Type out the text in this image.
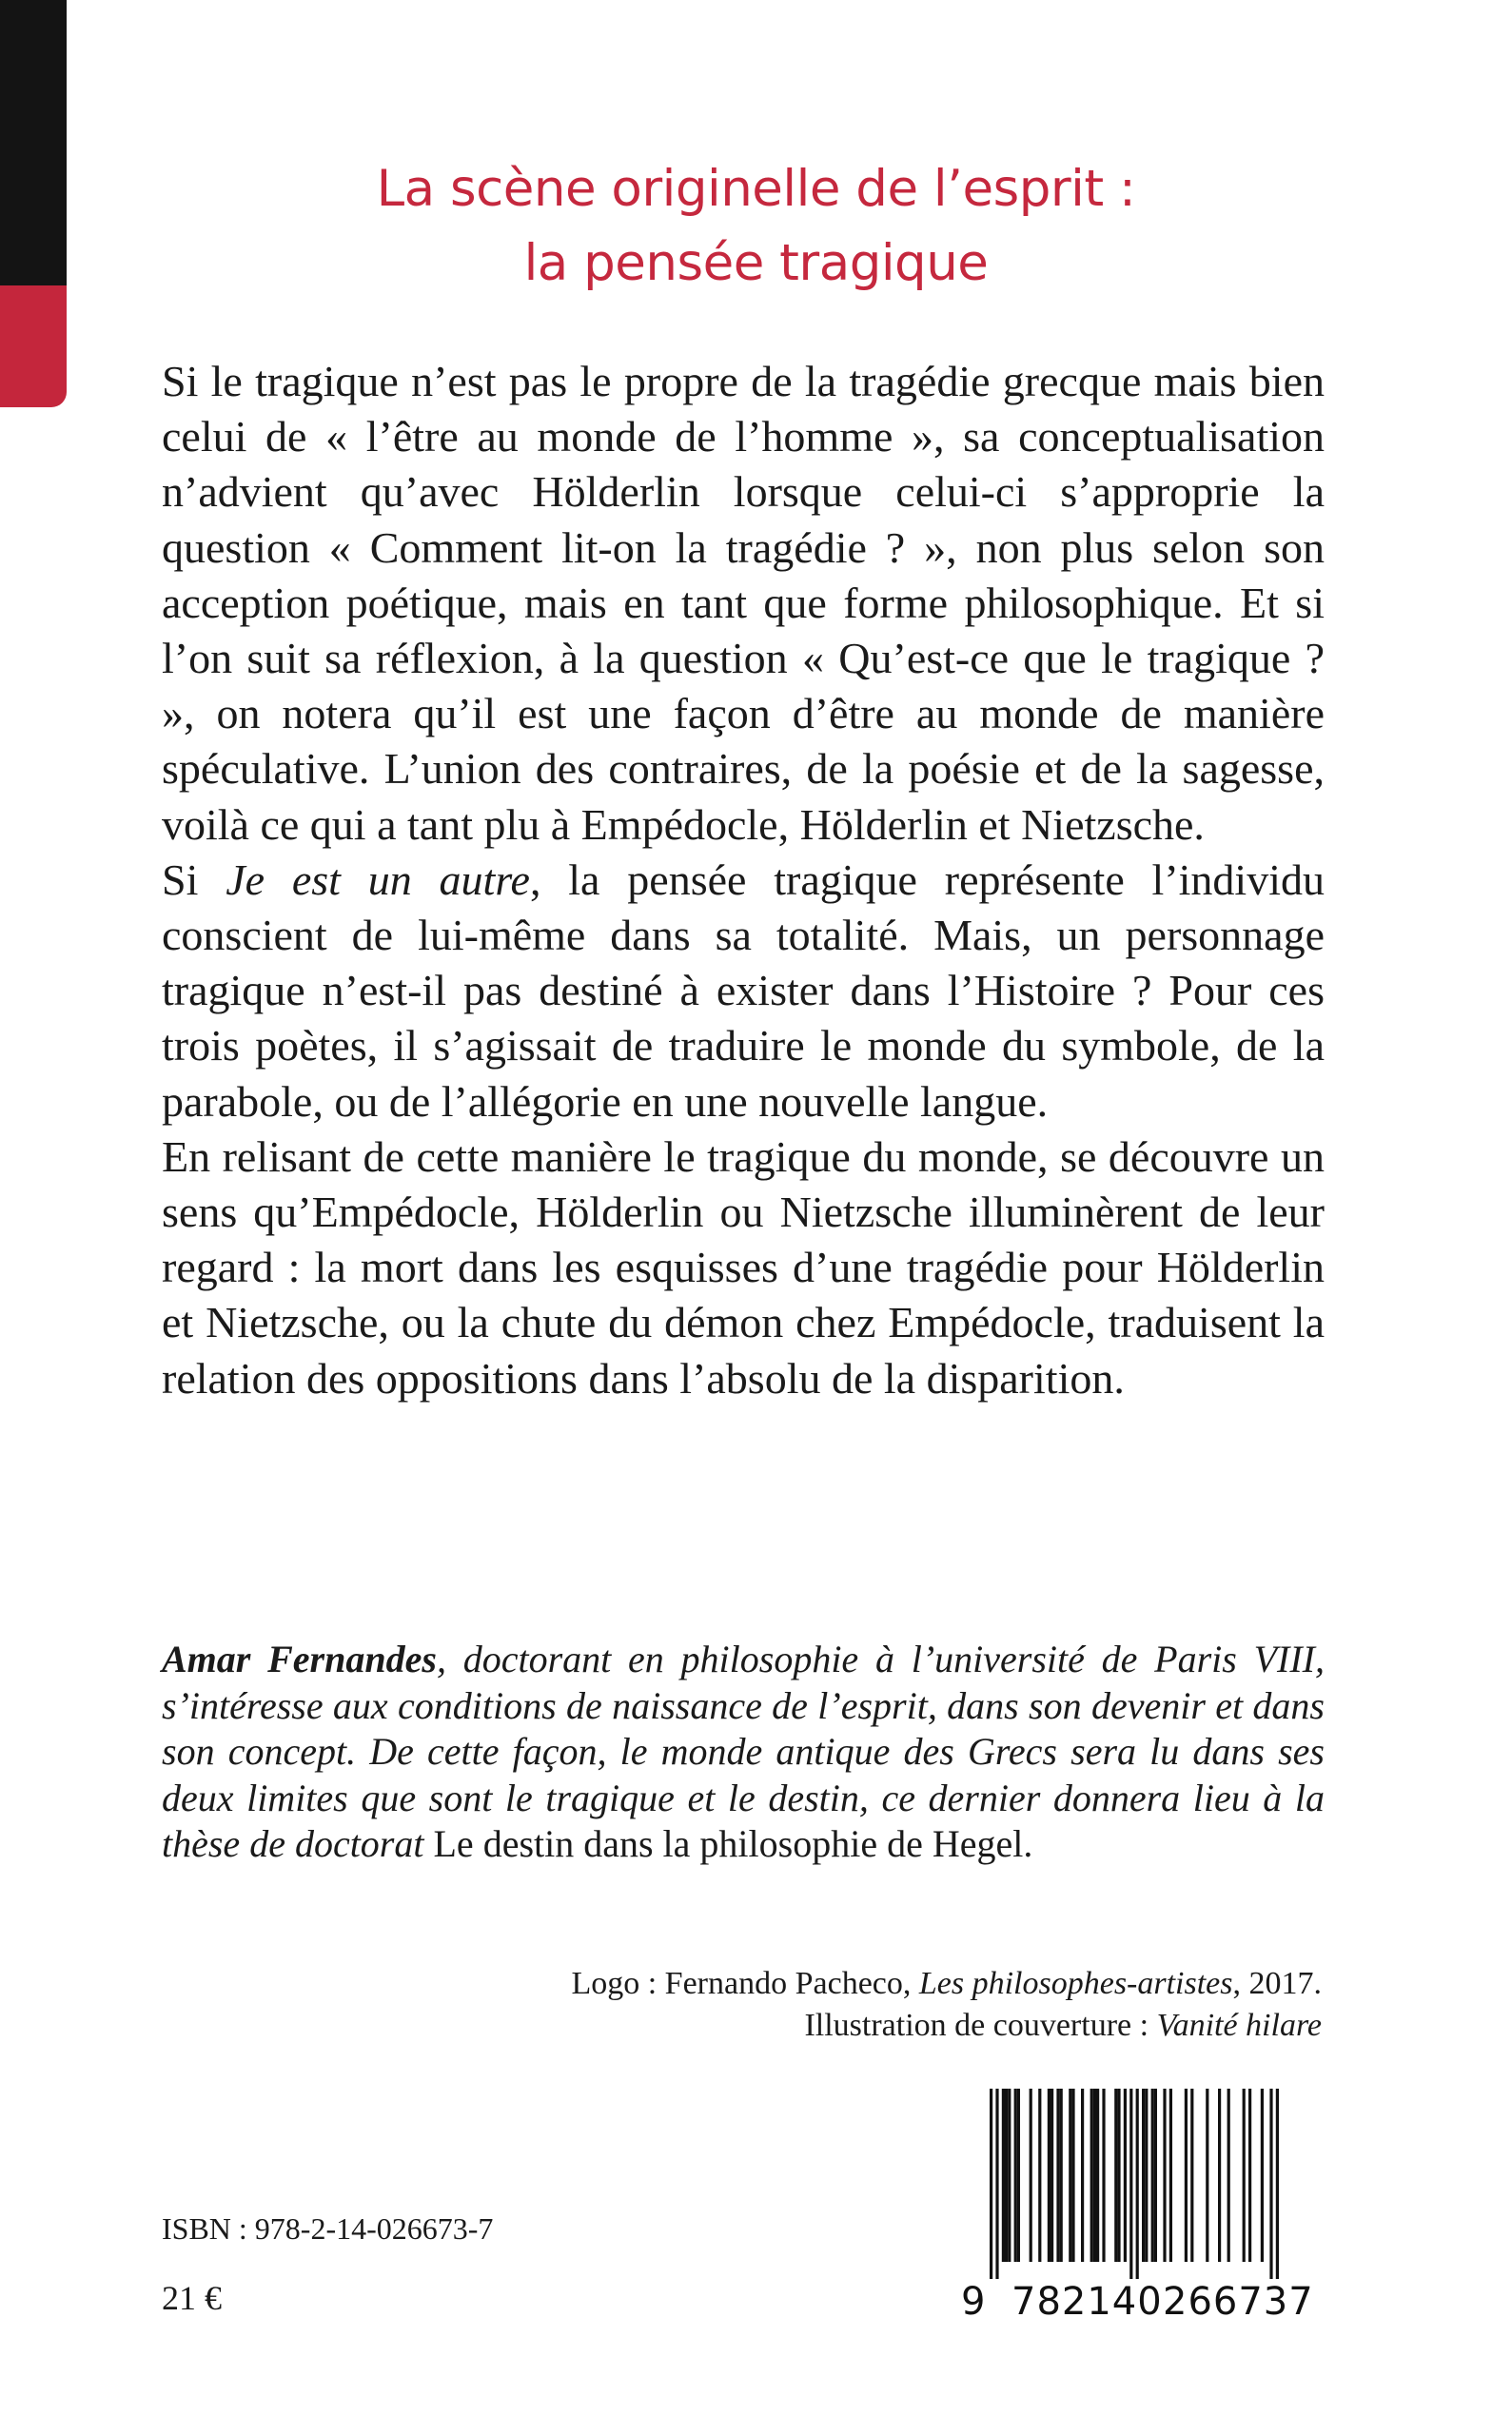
La scène originelle de l’esprit :
la pensée tragique

Si le tragique n’est pas le propre de la tragédie grecque mais bien celui de « l’être au monde de l’homme », sa conceptualisation n’advient qu’avec Hölderlin lorsque celui-ci s’approprie la question « Comment lit-on la tragédie ? », non plus selon son acception poétique, mais en tant que forme philosophique. Et si l’on suit sa réflexion, à la question « Qu’est-ce que le tragique ? », on notera qu’il est une façon d’être au monde de manière spéculative. L’union des contraires, de la poésie et de la sagesse, voilà ce qui a tant plu à Empédocle, Hölderlin et Nietzsche.

Si Je est un autre, la pensée tragique représente l’individu conscient de lui-même dans sa totalité. Mais, un personnage tragique n’est-il pas destiné à exister dans l’Histoire ? Pour ces trois poètes, il s’agissait de traduire le monde du symbole, de la parabole, ou de l’allégorie en une nouvelle langue.

En relisant de cette manière le tragique du monde, se découvre un sens qu’Empédocle, Hölderlin ou Nietzsche illuminèrent de leur regard : la mort dans les esquisses d’une tragédie pour Hölderlin et Nietzsche, ou la chute du démon chez Empédocle, traduisent la relation des oppositions dans l’absolu de la disparition.

Amar Fernandes, doctorant en philosophie à l’université de Paris VIII, s’intéresse aux conditions de naissance de l’esprit, dans son devenir et dans son concept. De cette façon, le monde antique des Grecs sera lu dans ses deux limites que sont le tragique et le destin, ce dernier donnera lieu à la thèse de doctorat Le destin dans la philosophie de Hegel.
Logo : Fernando Pacheco, Les philosophes-artistes, 2017.
Illustration de couverture : Vanité hilare
ISBN : 978-2-14-026673-7
21 €	9 782140 266737
